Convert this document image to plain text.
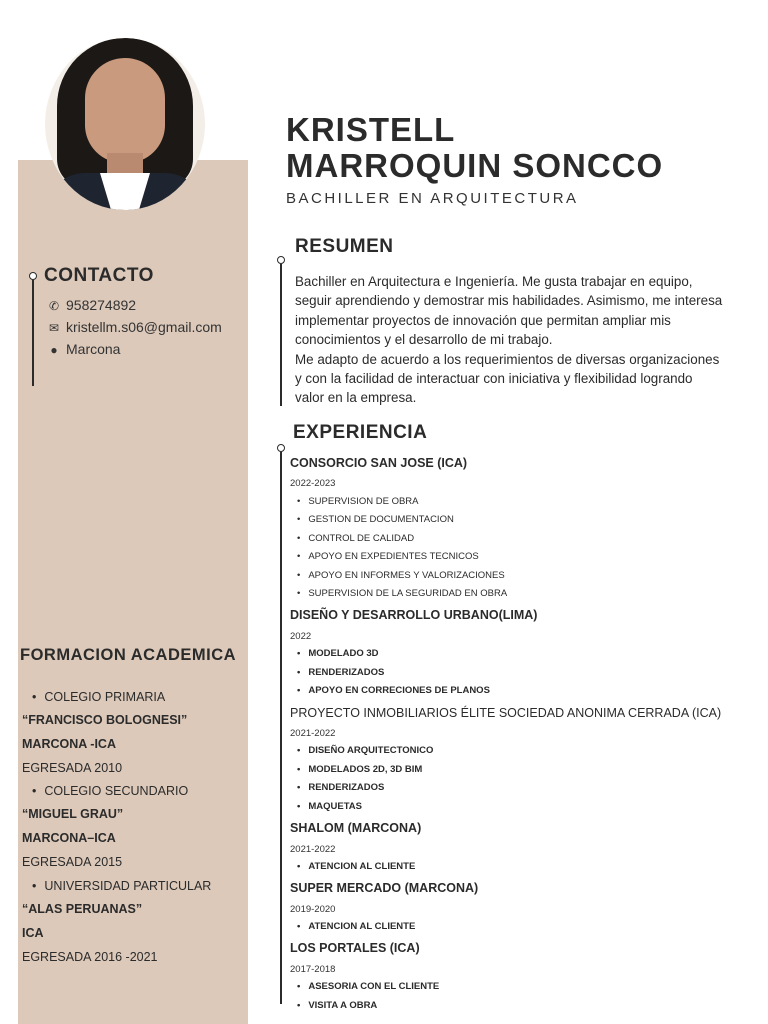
KRISTELL
MARROQUIN SONCCO
BACHILLER EN ARQUITECTURA
CONTACTO
✆ 958274892
✉ kristellm.s06@gmail.com
● Marcona
FORMACION ACADEMICA
• COLEGIO PRIMARIA
“FRANCISCO BOLOGNESI”
MARCONA -ICA
EGRESADA 2010
• COLEGIO SECUNDARIO
“MIGUEL GRAU”
MARCONA–ICA
EGRESADA 2015
• UNIVERSIDAD PARTICULAR
“ALAS PERUANAS”
ICA
EGRESADA 2016 -2021
RESUMEN
Bachiller en Arquitectura e Ingeniería. Me gusta trabajar en equipo,
seguir aprendiendo y demostrar mis habilidades. Asimismo, me interesa
implementar proyectos de innovación que permitan ampliar mis
conocimientos y el desarrollo de mi trabajo.
Me adapto de acuerdo a los requerimientos de diversas organizaciones
y con la facilidad de interactuar con iniciativa y flexibilidad logrando
valor en la empresa.
EXPERIENCIA
CONSORCIO SAN JOSE (ICA)
2022-2023
• SUPERVISION DE OBRA
• GESTION DE DOCUMENTACION
• CONTROL DE CALIDAD
• APOYO EN EXPEDIENTES TECNICOS
• APOYO EN INFORMES Y VALORIZACIONES
• SUPERVISION DE LA SEGURIDAD EN OBRA
DISEÑO Y DESARROLLO URBANO(LIMA)
2022
• MODELADO 3D
• RENDERIZADOS
• APOYO EN CORRECIONES DE PLANOS
PROYECTO INMOBILIARIOS ÉLITE SOCIEDAD ANONIMA CERRADA (ICA)
2021-2022
• DISEÑO ARQUITECTONICO
• MODELADOS 2D, 3D BIM
• RENDERIZADOS
• MAQUETAS
SHALOM (MARCONA)
2021-2022
• ATENCION AL CLIENTE
SUPER MERCADO (MARCONA)
2019-2020
• ATENCION AL CLIENTE
LOS PORTALES (ICA)
2017-2018
• ASESORIA CON EL CLIENTE
• VISITA A OBRA
